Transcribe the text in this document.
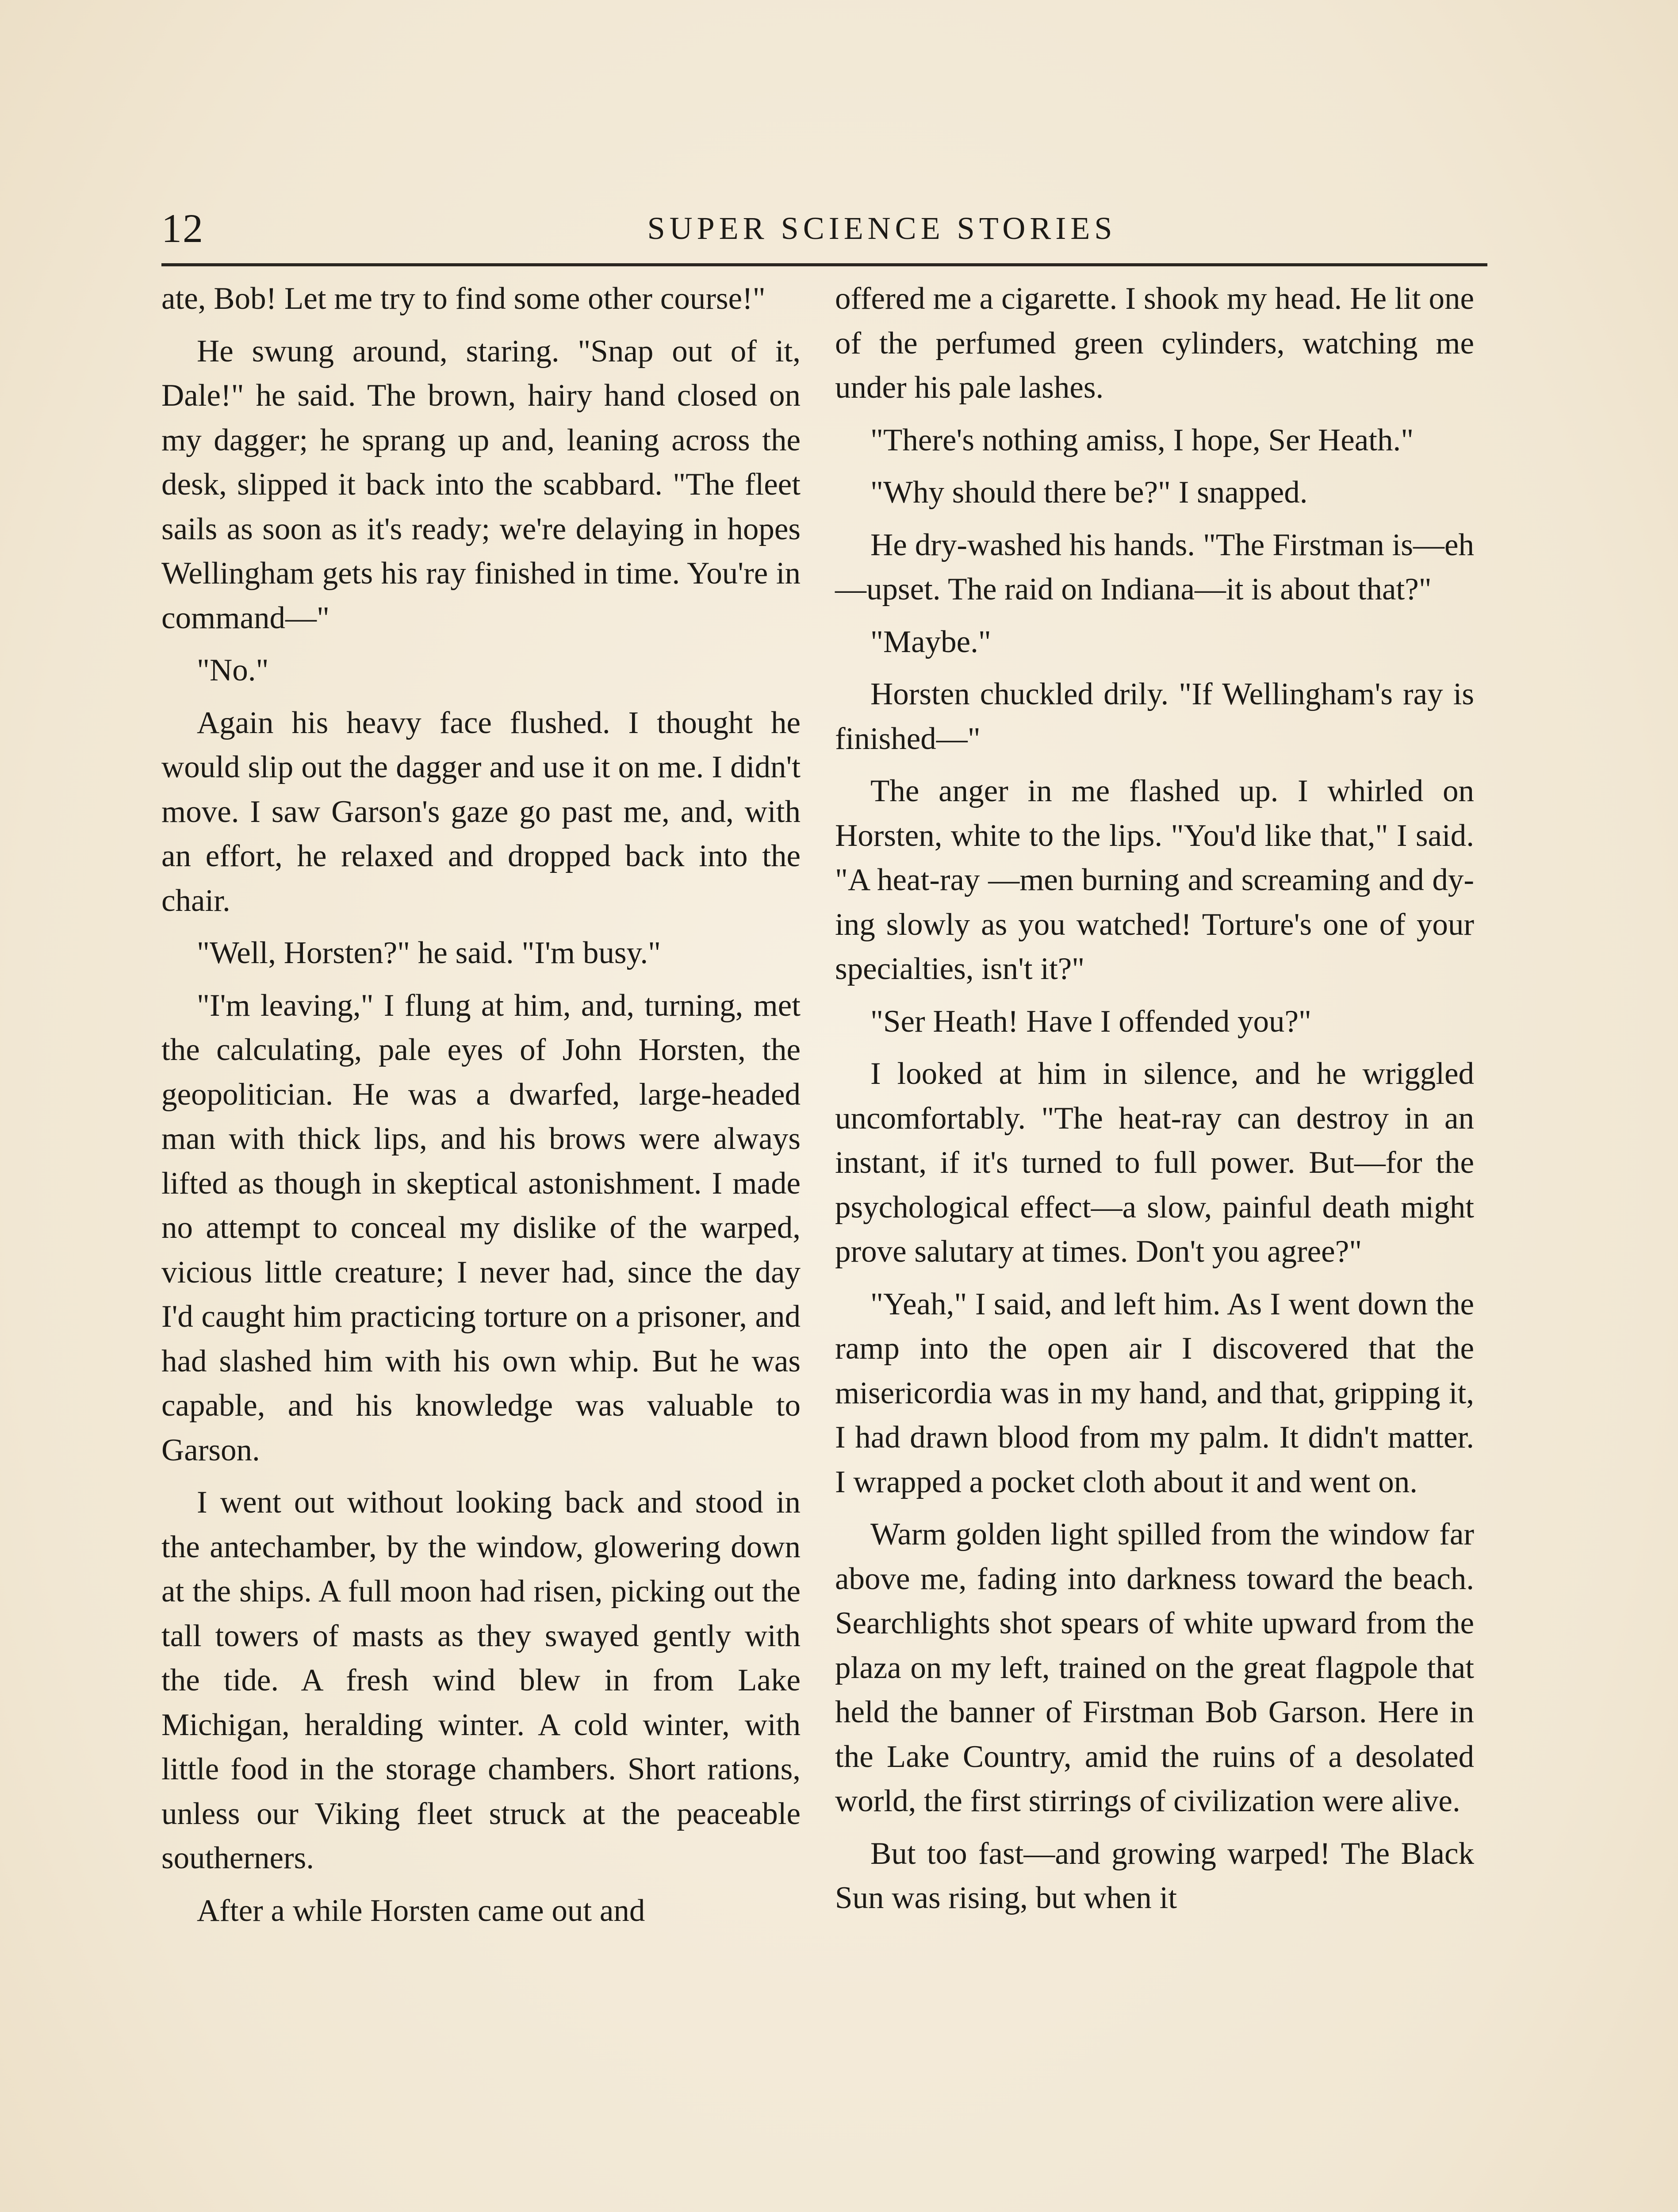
12	SUPER SCIENCE STORIES

ate, Bob! Let me try to find some other course!"

He swung around, staring. "Snap out of it, Dale!" he said. The brown, hairy hand closed on my dagger; he sprang up and, leaning across the desk, slipped it back into the scabbard. "The fleet sails as soon as it's ready; we're delaying in hopes Wellingham gets his ray finished in time. You're in command—"

"No."

Again his heavy face flushed. I thought he would slip out the dagger and use it on me. I didn't move. I saw Garson's gaze go past me, and, with an effort, he relaxed and dropped back into the chair.

"Well, Horsten?" he said. "I'm busy."

"I'm leaving," I flung at him, and, turning, met the calculating, pale eyes of John Horsten, the geopolitician. He was a dwarfed, large-headed man with thick lips, and his brows were always lifted as though in skeptical astonishment. I made no attempt to conceal my dislike of the warped, vicious little creature; I never had, since the day I'd caught him practicing torture on a prisoner, and had slashed him with his own whip. But he was capable, and his knowledge was valuable to Garson.

I went out without looking back and stood in the antechamber, by the window, glowering down at the ships. A full moon had risen, picking out the tall towers of masts as they swayed gently with the tide. A fresh wind blew in from Lake Michigan, heralding winter. A cold winter, with little food in the storage chambers. Short rations, unless our Viking fleet struck at the peaceable southerners.

After a while Horsten came out and

offered me a cigarette. I shook my head. He lit one of the perfumed green cylinders, watching me under his pale lashes.

"There's nothing amiss, I hope, Ser Heath."

"Why should there be?" I snapped.

He dry-washed his hands. "The Firstman is—eh—upset. The raid on Indiana—it is about that?"

"Maybe."

Horsten chuckled drily. "If Wellingham's ray is finished—"

The anger in me flashed up. I whirled on Horsten, white to the lips. "You'd like that," I said. "A heat-ray —men burning and screaming and dying slowly as you watched! Torture's one of your specialties, isn't it?"

"Ser Heath! Have I offended you?"

I looked at him in silence, and he wriggled uncomfortably. "The heat-ray can destroy in an instant, if it's turned to full power. But—for the psychological effect—a slow, painful death might prove salutary at times. Don't you agree?"

"Yeah," I said, and left him. As I went down the ramp into the open air I discovered that the misericordia was in my hand, and that, gripping it, I had drawn blood from my palm. It didn't matter. I wrapped a pocket cloth about it and went on.

Warm golden light spilled from the window far above me, fading into darkness toward the beach. Searchlights shot spears of white upward from the plaza on my left, trained on the great flagpole that held the banner of Firstman Bob Garson. Here in the Lake Country, amid the ruins of a desolated world, the first stirrings of civilization were alive.

But too fast—and growing warped! The Black Sun was rising, but when it
